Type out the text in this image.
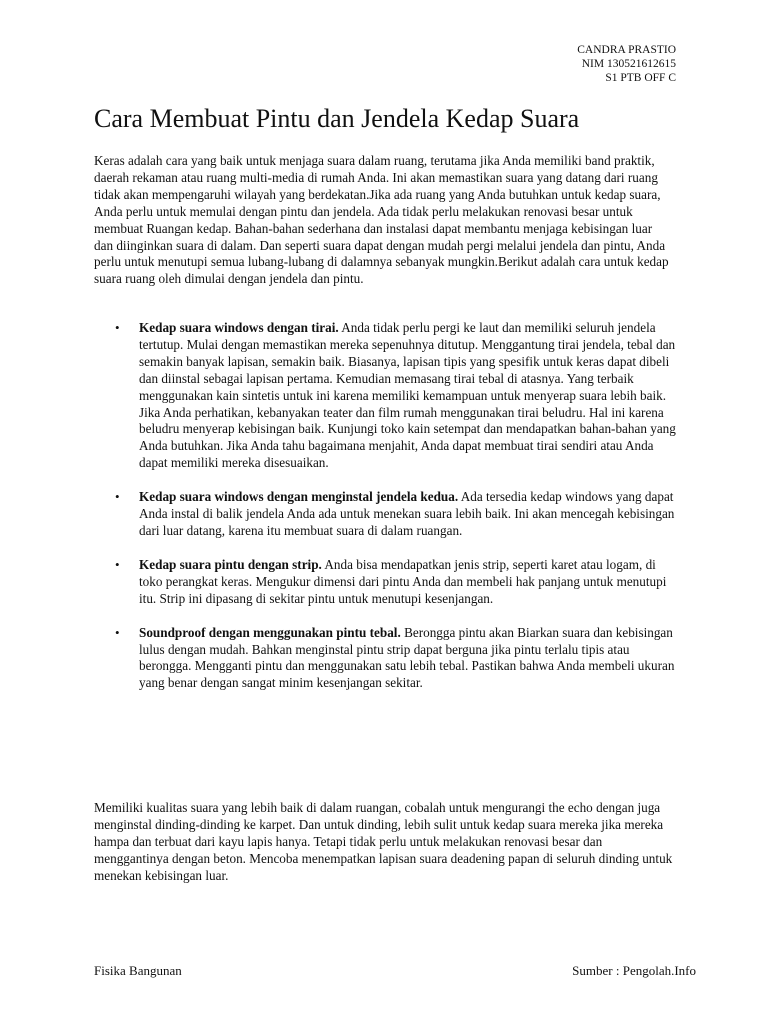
CANDRA PRASTIO
NIM 130521612615
S1 PTB OFF C
Cara Membuat Pintu dan Jendela Kedap Suara

Keras adalah cara yang baik untuk menjaga suara dalam ruang, terutama jika Anda memiliki band praktik, daerah rekaman atau ruang multi-media di rumah Anda. Ini akan memastikan suara yang datang dari ruang tidak akan mempengaruhi wilayah yang berdekatan.Jika ada ruang yang Anda butuhkan untuk kedap suara, Anda perlu untuk memulai dengan pintu dan jendela. Ada tidak perlu melakukan renovasi besar untuk membuat Ruangan kedap. Bahan-bahan sederhana dan instalasi dapat membantu menjaga kebisingan luar dan diinginkan suara di dalam. Dan seperti suara dapat dengan mudah pergi melalui jendela dan pintu, Anda perlu untuk menutupi semua lubang-lubang di dalamnya sebanyak mungkin.Berikut adalah cara untuk kedap suara ruang oleh dimulai dengan jendela dan pintu.

• Kedap suara windows dengan tirai. Anda tidak perlu pergi ke laut dan memiliki seluruh jendela tertutup. Mulai dengan memastikan mereka sepenuhnya ditutup. Menggantung tirai jendela, tebal dan semakin banyak lapisan, semakin baik. Biasanya, lapisan tipis yang spesifik untuk keras dapat dibeli dan diinstal sebagai lapisan pertama. Kemudian memasang tirai tebal di atasnya. Yang terbaik menggunakan kain sintetis untuk ini karena memiliki kemampuan untuk menyerap suara lebih baik. Jika Anda perhatikan, kebanyakan teater dan film rumah menggunakan tirai beludru. Hal ini karena beludru menyerap kebisingan baik. Kunjungi toko kain setempat dan mendapatkan bahan-bahan yang Anda butuhkan. Jika Anda tahu bagaimana menjahit, Anda dapat membuat tirai sendiri atau Anda dapat memiliki mereka disesuaikan.
• Kedap suara windows dengan menginstal jendela kedua. Ada tersedia kedap windows yang dapat Anda instal di balik jendela Anda ada untuk menekan suara lebih baik. Ini akan mencegah kebisingan dari luar datang, karena itu membuat suara di dalam ruangan.
• Kedap suara pintu dengan strip. Anda bisa mendapatkan jenis strip, seperti karet atau logam, di toko perangkat keras. Mengukur dimensi dari pintu Anda dan membeli hak panjang untuk menutupi itu. Strip ini dipasang di sekitar pintu untuk menutupi kesenjangan.
• Soundproof dengan menggunakan pintu tebal. Berongga pintu akan Biarkan suara dan kebisingan lulus dengan mudah. Bahkan menginstal pintu strip dapat berguna jika pintu terlalu tipis atau berongga. Mengganti pintu dan menggunakan satu lebih tebal. Pastikan bahwa Anda membeli ukuran yang benar dengan sangat minim kesenjangan sekitar.

Memiliki kualitas suara yang lebih baik di dalam ruangan, cobalah untuk mengurangi the echo dengan juga menginstal dinding-dinding ke karpet. Dan untuk dinding, lebih sulit untuk kedap suara mereka jika mereka hampa dan terbuat dari kayu lapis hanya. Tetapi tidak perlu untuk melakukan renovasi besar dan menggantinya dengan beton. Mencoba menempatkan lapisan suara deadening papan di seluruh dinding untuk menekan kebisingan luar.

Fisika Bangunan	Sumber : Pengolah.Info
